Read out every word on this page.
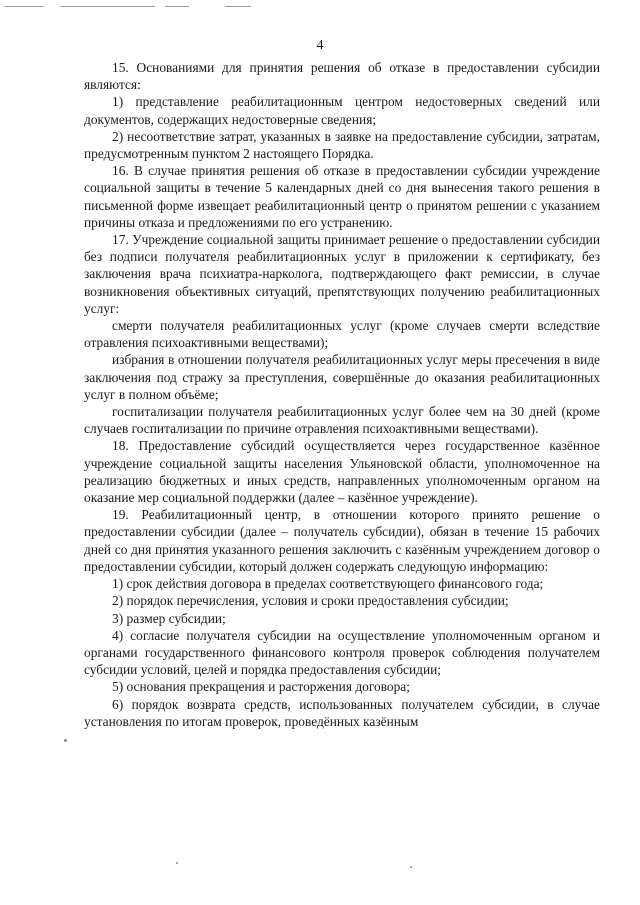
4

15. Основаниями для принятия решения об отказе в предоставлении субсидии являются:

1) представление реабилитационным центром недостоверных сведений или документов, содержащих недостоверные сведения;

2) несоответствие затрат, указанных в заявке на предоставление субсидии, затратам, предусмотренным пунктом 2 настоящего Порядка.

16. В случае принятия решения об отказе в предоставлении субсидии учреждение социальной защиты в течение 5 календарных дней со дня вынесения такого решения в письменной форме извещает реабилитационный центр о принятом решении с указанием причины отказа и предложениями по его устранению.

17. Учреждение социальной защиты принимает решение о предоставлении субсидии без подписи получателя реабилитационных услуг в приложении к сертификату, без заключения врача психиатра-нарколога, подтверждающего факт ремиссии, в случае возникновения объективных ситуаций, препятствующих получению реабилитационных услуг:

смерти получателя реабилитационных услуг (кроме случаев смерти вследствие отравления психоактивными веществами);

избрания в отношении получателя реабилитационных услуг меры пресечения в виде заключения под стражу за преступления, совершённые до оказания реабилитационных услуг в полном объёме;

госпитализации получателя реабилитационных услуг более чем на 30 дней (кроме случаев госпитализации по причине отравления психоактивными веществами).

18. Предоставление субсидий осуществляется через государственное казённое учреждение социальной защиты населения Ульяновской области, уполномоченное на реализацию бюджетных и иных средств, направленных уполномоченным органом на оказание мер социальной поддержки (далее – казённое учреждение).

19. Реабилитационный центр, в отношении которого принято решение о предоставлении субсидии (далее – получатель субсидии), обязан в течение 15 рабочих дней со дня принятия указанного решения заключить с казённым учреждением договор о предоставлении субсидии, который должен содержать следующую информацию:

1) срок действия договора в пределах соответствующего финансового года;

2) порядок перечисления, условия и сроки предоставления субсидии;

3) размер субсидии;

4) согласие получателя субсидии на осуществление уполномоченным органом и органами государственного финансового контроля проверок соблюдения получателем субсидии условий, целей и порядка предоставления субсидии;

5) основания прекращения и расторжения договора;

6) порядок возврата средств, использованных получателем субсидии, в случае установления по итогам проверок, проведённых казённым
